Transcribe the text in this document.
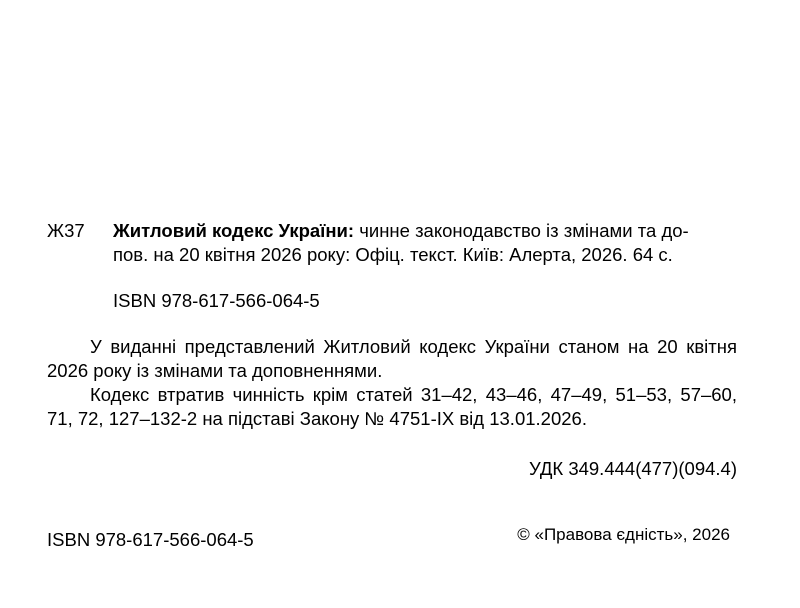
Ж37 Житловий кодекс України: чинне законодавство із змінами та до-
пов. на 20 квітня 2026 року: Офіц. текст. Київ: Алерта, 2026. 64 с.
ISBN 978-617-566-064-5

У виданні представлений Житловий кодекс України станом на 20 квітня 2026 року із змінами та доповненнями.

Кодекс втратив чинність крім статей 31–42, 43–46, 47–49, 51–53, 57–60, 71, 72, 127–132-2 на підставі Закону № 4751-IX від 13.01.2026.

УДК 349.444(477)(094.4)
ISBN 978-617-566-064-5	© «Правова єдність», 2026
